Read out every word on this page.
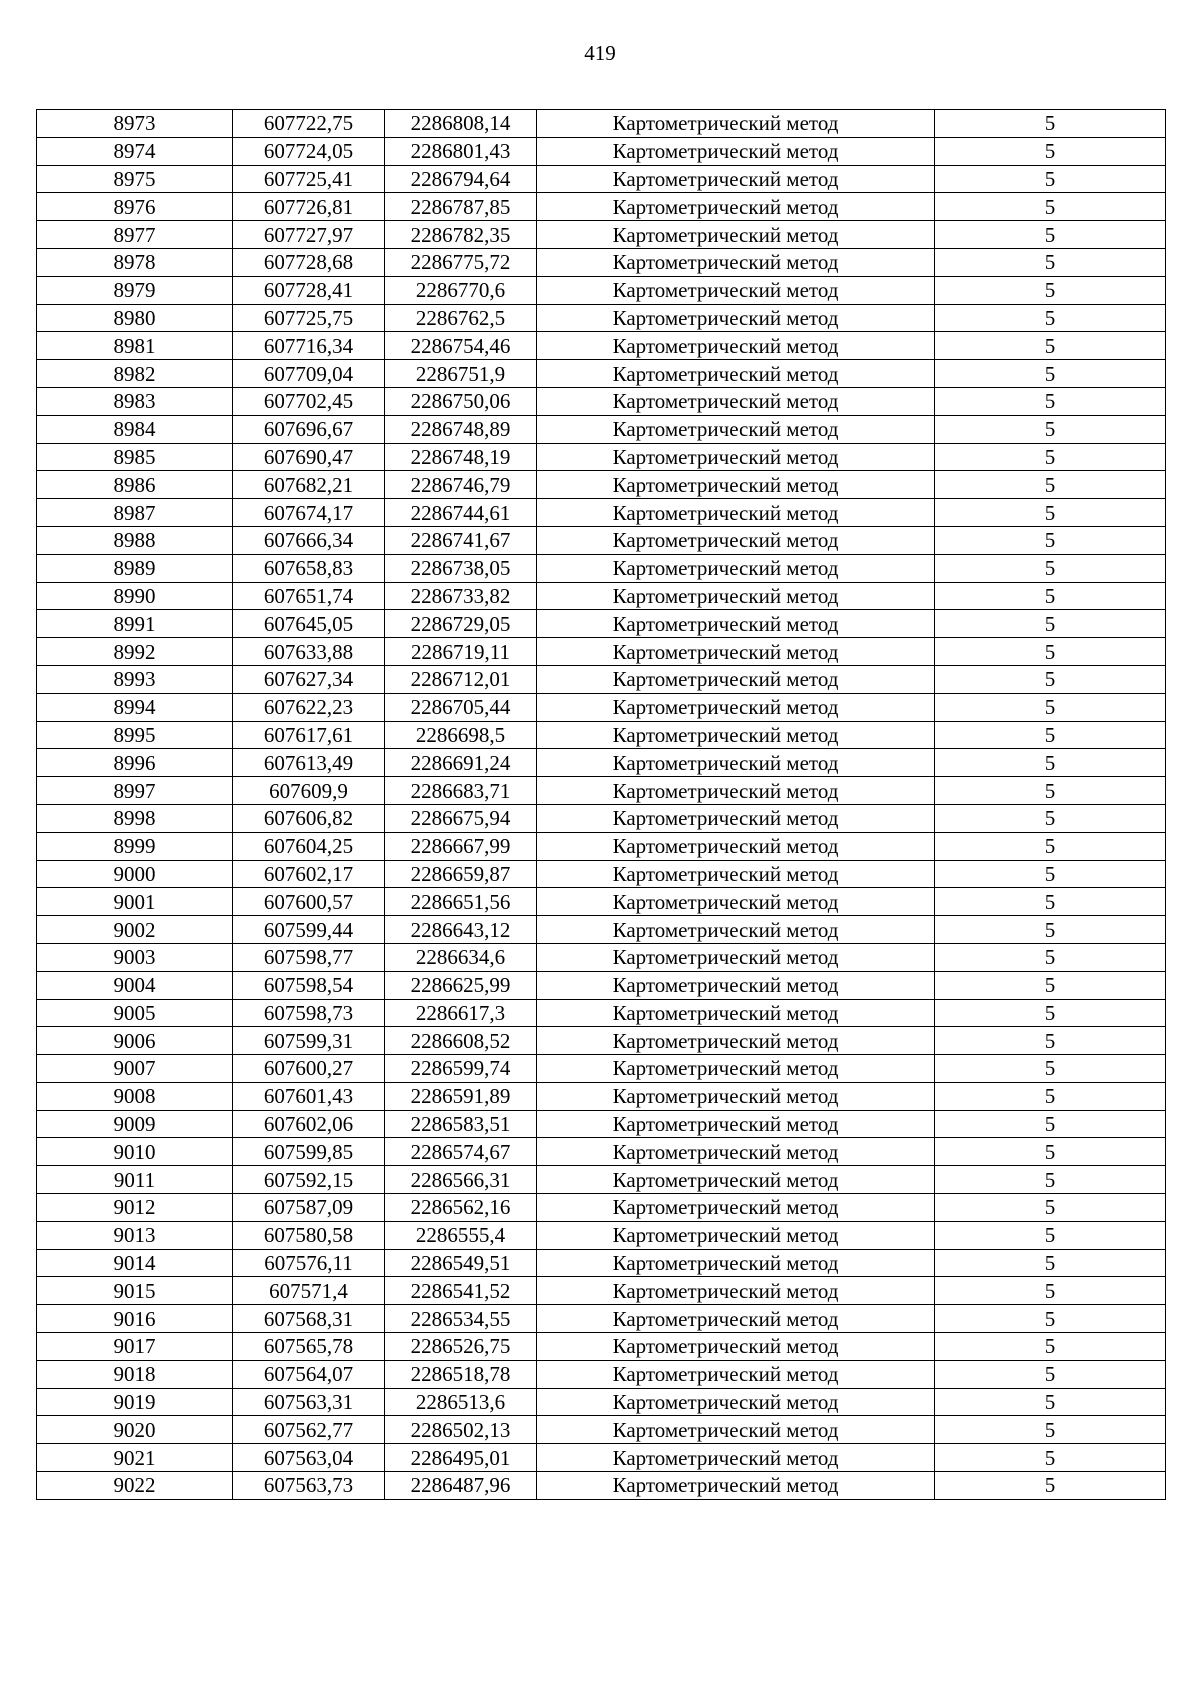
419
8973	607722,75	2286808,14	Картометрический метод	5
8974	607724,05	2286801,43	Картометрический метод	5
8975	607725,41	2286794,64	Картометрический метод	5
8976	607726,81	2286787,85	Картометрический метод	5
8977	607727,97	2286782,35	Картометрический метод	5
8978	607728,68	2286775,72	Картометрический метод	5
8979	607728,41	2286770,6	Картометрический метод	5
8980	607725,75	2286762,5	Картометрический метод	5
8981	607716,34	2286754,46	Картометрический метод	5
8982	607709,04	2286751,9	Картометрический метод	5
8983	607702,45	2286750,06	Картометрический метод	5
8984	607696,67	2286748,89	Картометрический метод	5
8985	607690,47	2286748,19	Картометрический метод	5
8986	607682,21	2286746,79	Картометрический метод	5
8987	607674,17	2286744,61	Картометрический метод	5
8988	607666,34	2286741,67	Картометрический метод	5
8989	607658,83	2286738,05	Картометрический метод	5
8990	607651,74	2286733,82	Картометрический метод	5
8991	607645,05	2286729,05	Картометрический метод	5
8992	607633,88	2286719,11	Картометрический метод	5
8993	607627,34	2286712,01	Картометрический метод	5
8994	607622,23	2286705,44	Картометрический метод	5
8995	607617,61	2286698,5	Картометрический метод	5
8996	607613,49	2286691,24	Картометрический метод	5
8997	607609,9	2286683,71	Картометрический метод	5
8998	607606,82	2286675,94	Картометрический метод	5
8999	607604,25	2286667,99	Картометрический метод	5
9000	607602,17	2286659,87	Картометрический метод	5
9001	607600,57	2286651,56	Картометрический метод	5
9002	607599,44	2286643,12	Картометрический метод	5
9003	607598,77	2286634,6	Картометрический метод	5
9004	607598,54	2286625,99	Картометрический метод	5
9005	607598,73	2286617,3	Картометрический метод	5
9006	607599,31	2286608,52	Картометрический метод	5
9007	607600,27	2286599,74	Картометрический метод	5
9008	607601,43	2286591,89	Картометрический метод	5
9009	607602,06	2286583,51	Картометрический метод	5
9010	607599,85	2286574,67	Картометрический метод	5
9011	607592,15	2286566,31	Картометрический метод	5
9012	607587,09	2286562,16	Картометрический метод	5
9013	607580,58	2286555,4	Картометрический метод	5
9014	607576,11	2286549,51	Картометрический метод	5
9015	607571,4	2286541,52	Картометрический метод	5
9016	607568,31	2286534,55	Картометрический метод	5
9017	607565,78	2286526,75	Картометрический метод	5
9018	607564,07	2286518,78	Картометрический метод	5
9019	607563,31	2286513,6	Картометрический метод	5
9020	607562,77	2286502,13	Картометрический метод	5
9021	607563,04	2286495,01	Картометрический метод	5
9022	607563,73	2286487,96	Картометрический метод	5
